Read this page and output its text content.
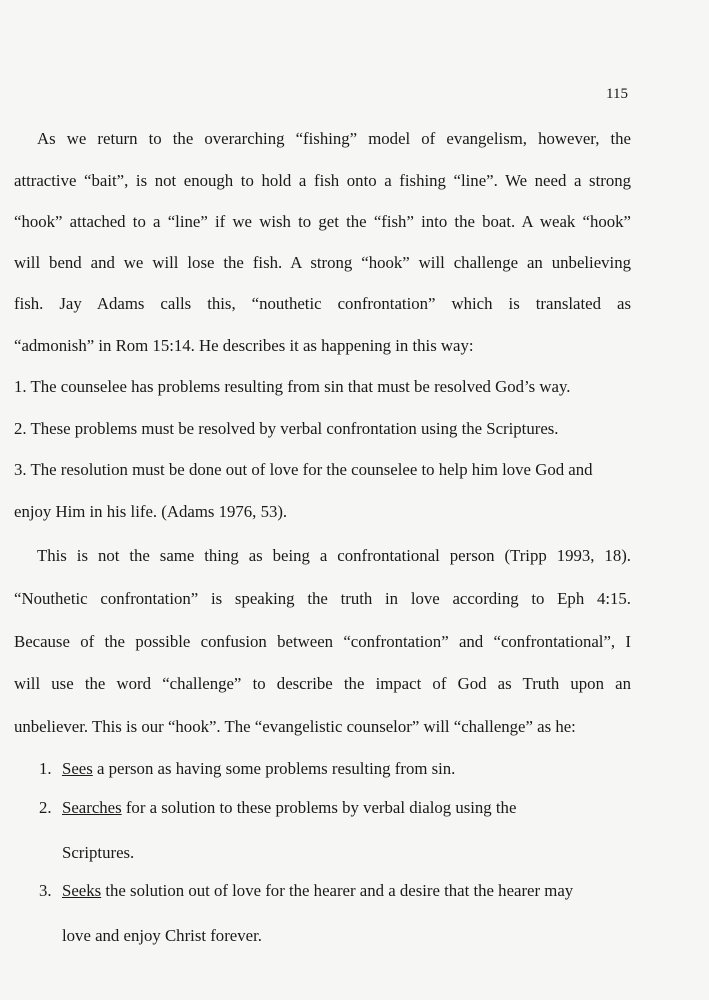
115
As we return to the overarching “fishing” model of evangelism, however, the
attractive “bait”, is not enough to hold a fish onto a fishing “line”. We need a strong
“hook” attached to a “line” if we wish to get the “fish” into the boat. A weak “hook”
will bend and we will lose the fish. A strong “hook” will challenge an unbelieving
fish. Jay Adams calls this, “nouthetic confrontation” which is translated as
“admonish” in Rom 15:14. He describes it as happening in this way:
1. The counselee has problems resulting from sin that must be resolved God’s way.
2. These problems must be resolved by verbal confrontation using the Scriptures.
3. The resolution must be done out of love for the counselee to help him love God and
enjoy Him in his life. (Adams 1976, 53).
This is not the same thing as being a confrontational person (Tripp 1993, 18).
“Nouthetic confrontation” is speaking the truth in love according to Eph 4:15.
Because of the possible confusion between “confrontation” and “confrontational”, I
will use the word “challenge” to describe the impact of God as Truth upon an
unbeliever. This is our “hook”. The “evangelistic counselor” will “challenge” as he:
1. Sees a person as having some problems resulting from sin.
2. Searches for a solution to these problems by verbal dialog using the
Scriptures.
3. Seeks the solution out of love for the hearer and a desire that the hearer may
love and enjoy Christ forever.
